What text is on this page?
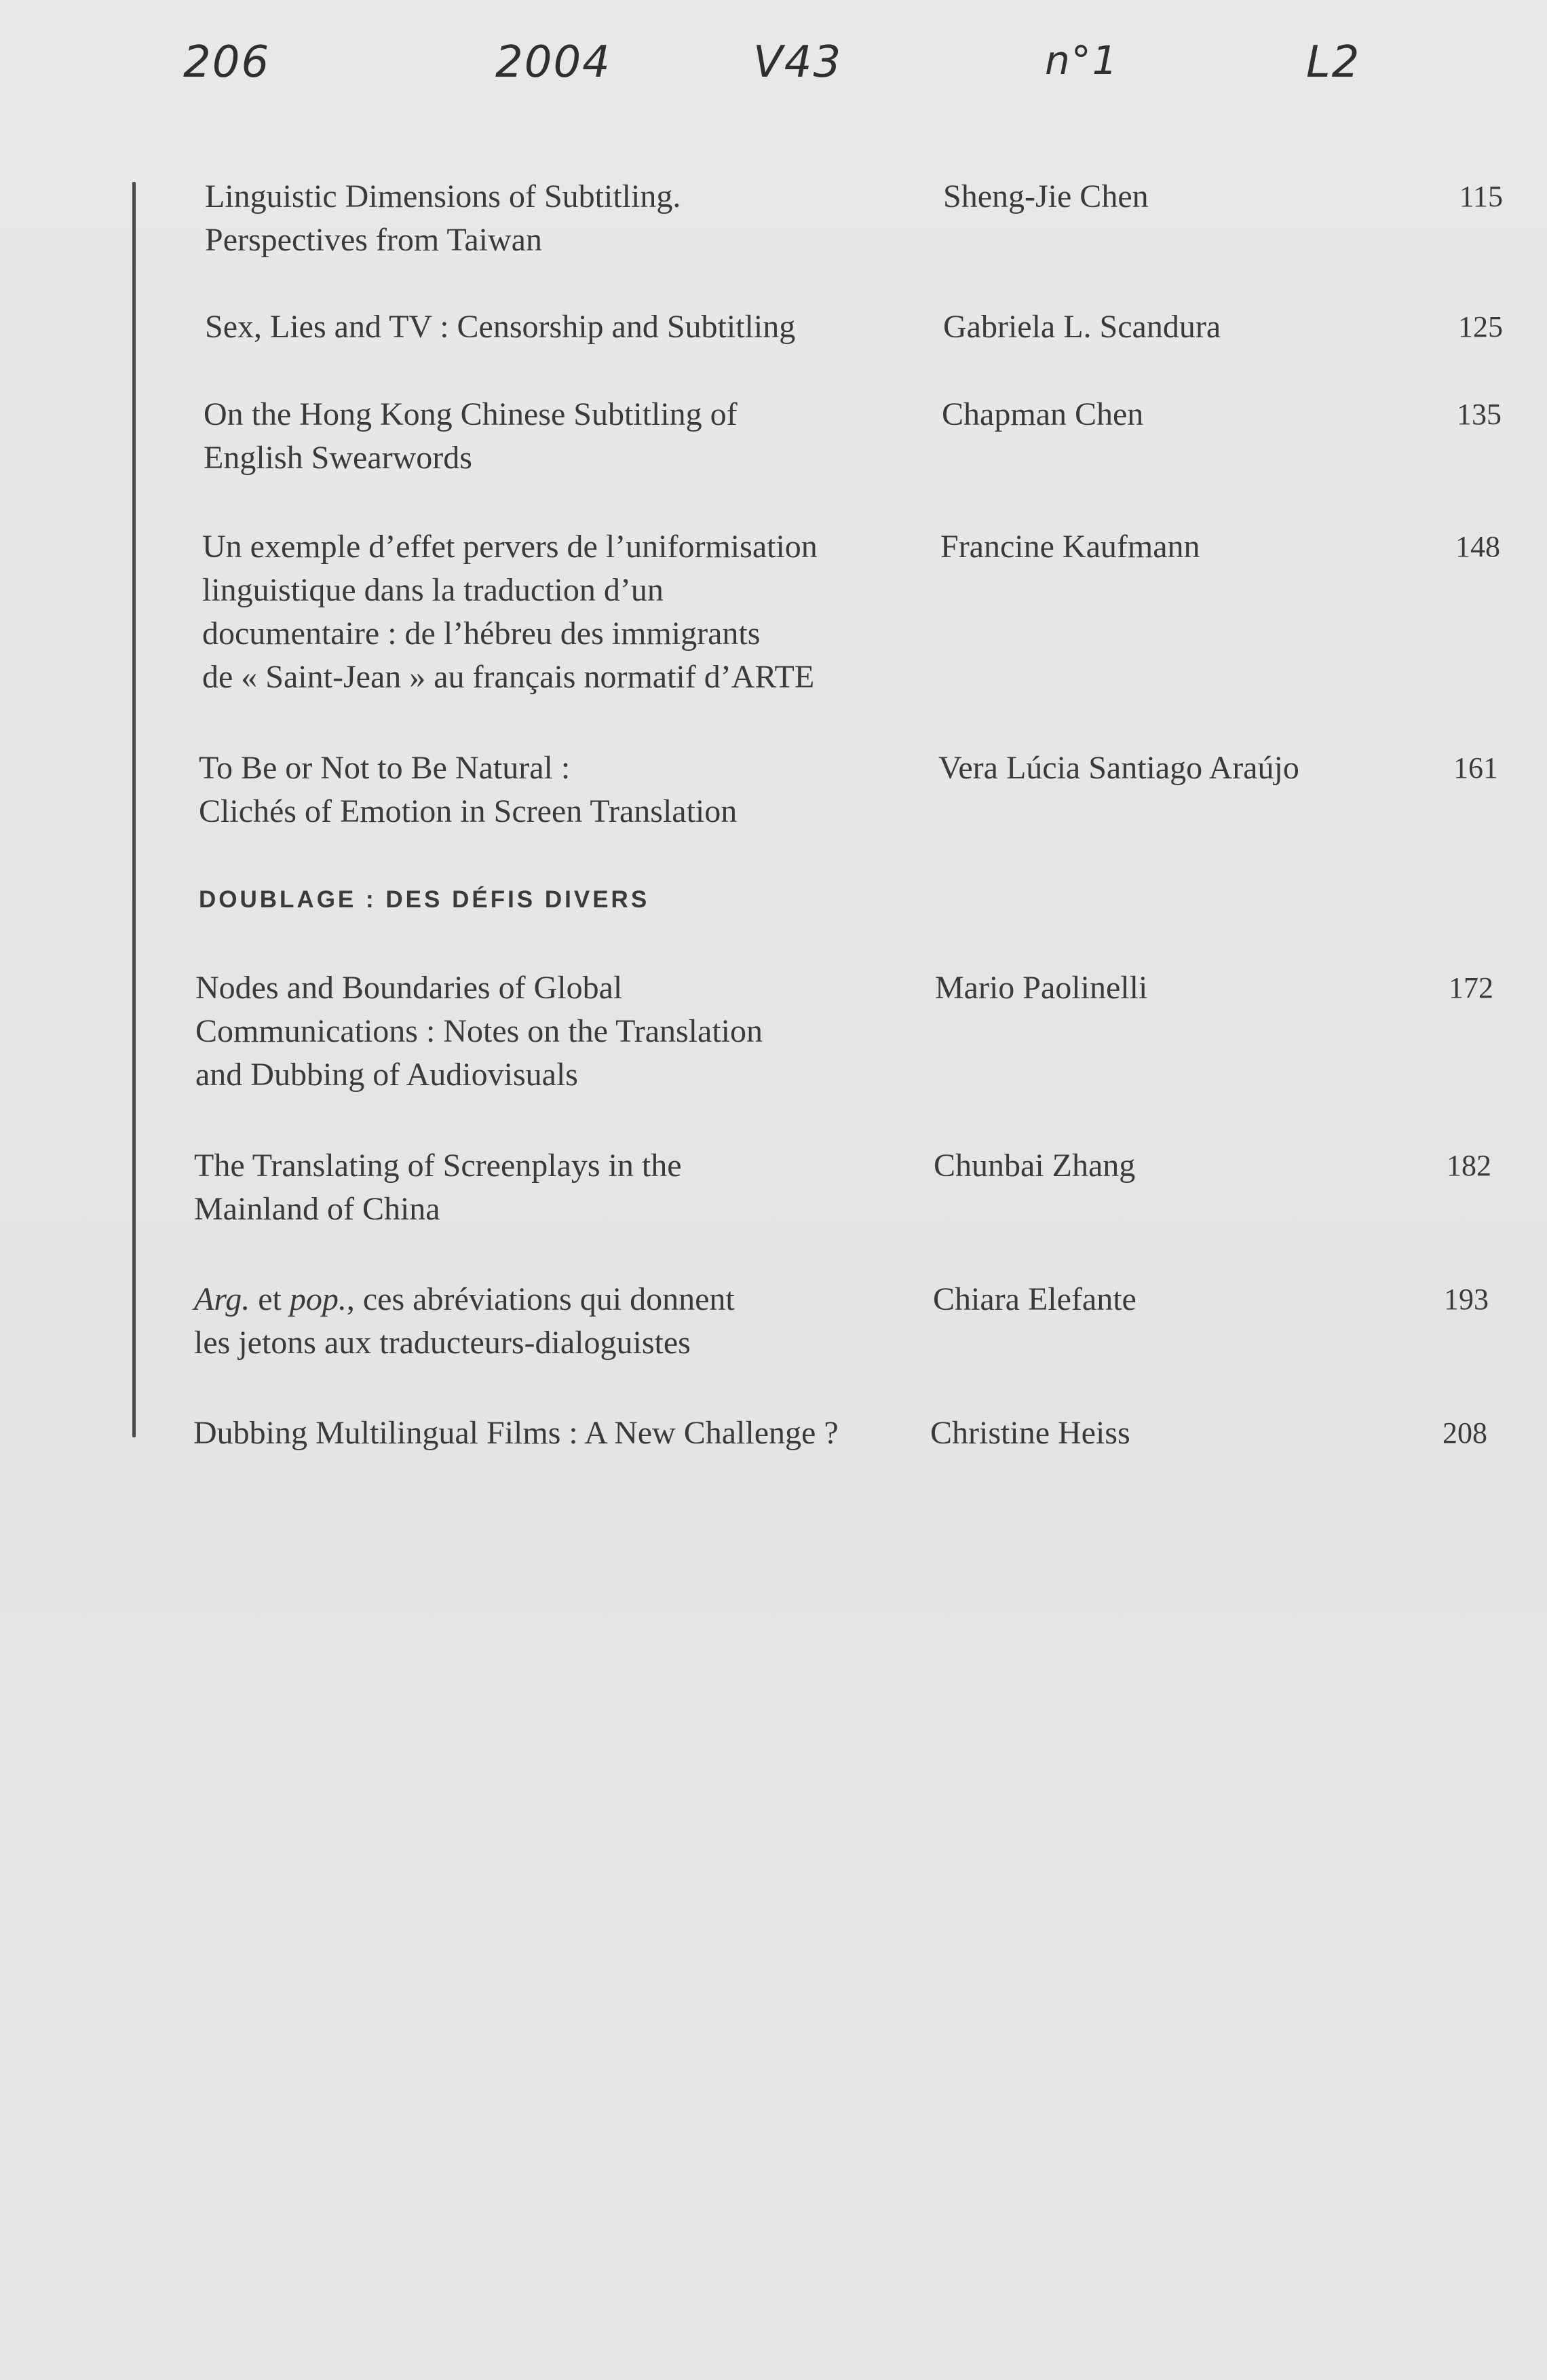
206	2004	V43	n°1	L2
Linguistic Dimensions of Subtitling.
Perspectives from Taiwan
Sheng-Jie Chen	115
Sex, Lies and TV : Censorship and Subtitling	Gabriela L. Scandura	125
On the Hong Kong Chinese Subtitling of
English Swearwords
Chapman Chen	135
Un exemple d’effet pervers de l’uniformisation
linguistique dans la traduction d’un
documentaire : de l’hébreu des immigrants
de « Saint-Jean » au français normatif d’ARTE
Francine Kaufmann	148
To Be or Not to Be Natural :
Clichés of Emotion in Screen Translation
Vera Lúcia Santiago Araújo	161
DOUBLAGE : DES DÉFIS DIVERS
Nodes and Boundaries of Global
Communications : Notes on the Translation
and Dubbing of Audiovisuals
Mario Paolinelli	172
The Translating of Screenplays in the
Mainland of China
Chunbai Zhang	182
Arg. et pop., ces abréviations qui donnent
les jetons aux traducteurs-dialoguistes
Chiara Elefante	193
Dubbing Multilingual Films : A New Challenge ?	Christine Heiss	208
